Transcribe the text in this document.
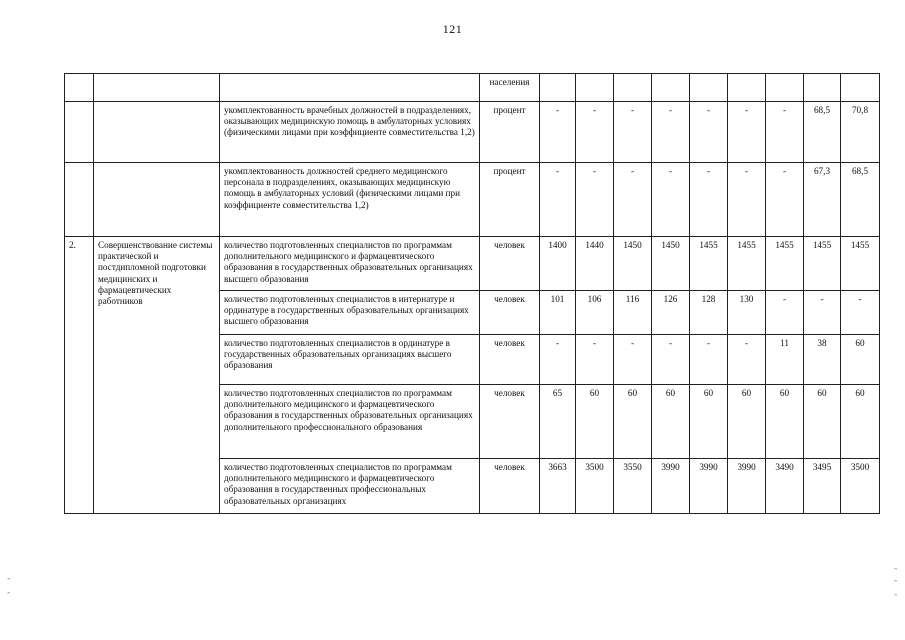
121
-
-
-
-
-
			населения									
		укомплектованность врачебных должностей в подразделениях, оказывающих медицинскую помощь в амбулаторных условиях (физическими лицами при коэффициенте совместительства 1,2)	процент	-	-	-	-	-	-	-	68,5	70,8
		укомплектованность должностей среднего медицинского персонала в подразделениях, оказывающих медицинскую помощь в амбулаторных условий (физическими лицами при коэффициенте совместительства 1,2)	процент	-	-	-	-	-	-	-	67,3	68,5
2.	Совершенствование системы практической и постдипломной подготовки медицинских и фармацевтических работников	количество подготовленных специалистов по программам дополнительного медицинского и фармацевтического образования в государственных образовательных организациях высшего образования	человек	1400	1440	1450	1450	1455	1455	1455	1455	1455
		количество подготовленных специалистов в интернатуре и ординатуре в государственных образовательных организациях высшего образования	человек	101	106	116	126	128	130	-	-	-
		количество подготовленных специалистов в ординатуре в государственных образовательных организациях высшего образования	человек	-	-	-	-	-	-	11	38	60
		количество подготовленных специалистов по программам дополнительного медицинского и фармацевтического образования в государственных образовательных организациях дополнительного профессионального образования	человек	65	60	60	60	60	60	60	60	60
		количество подготовленных специалистов по программам дополнительного медицинского и фармацевтического образования в государственных профессиональных образовательных организациях	человек	3663	3500	3550	3990	3990	3990	3490	3495	3500
